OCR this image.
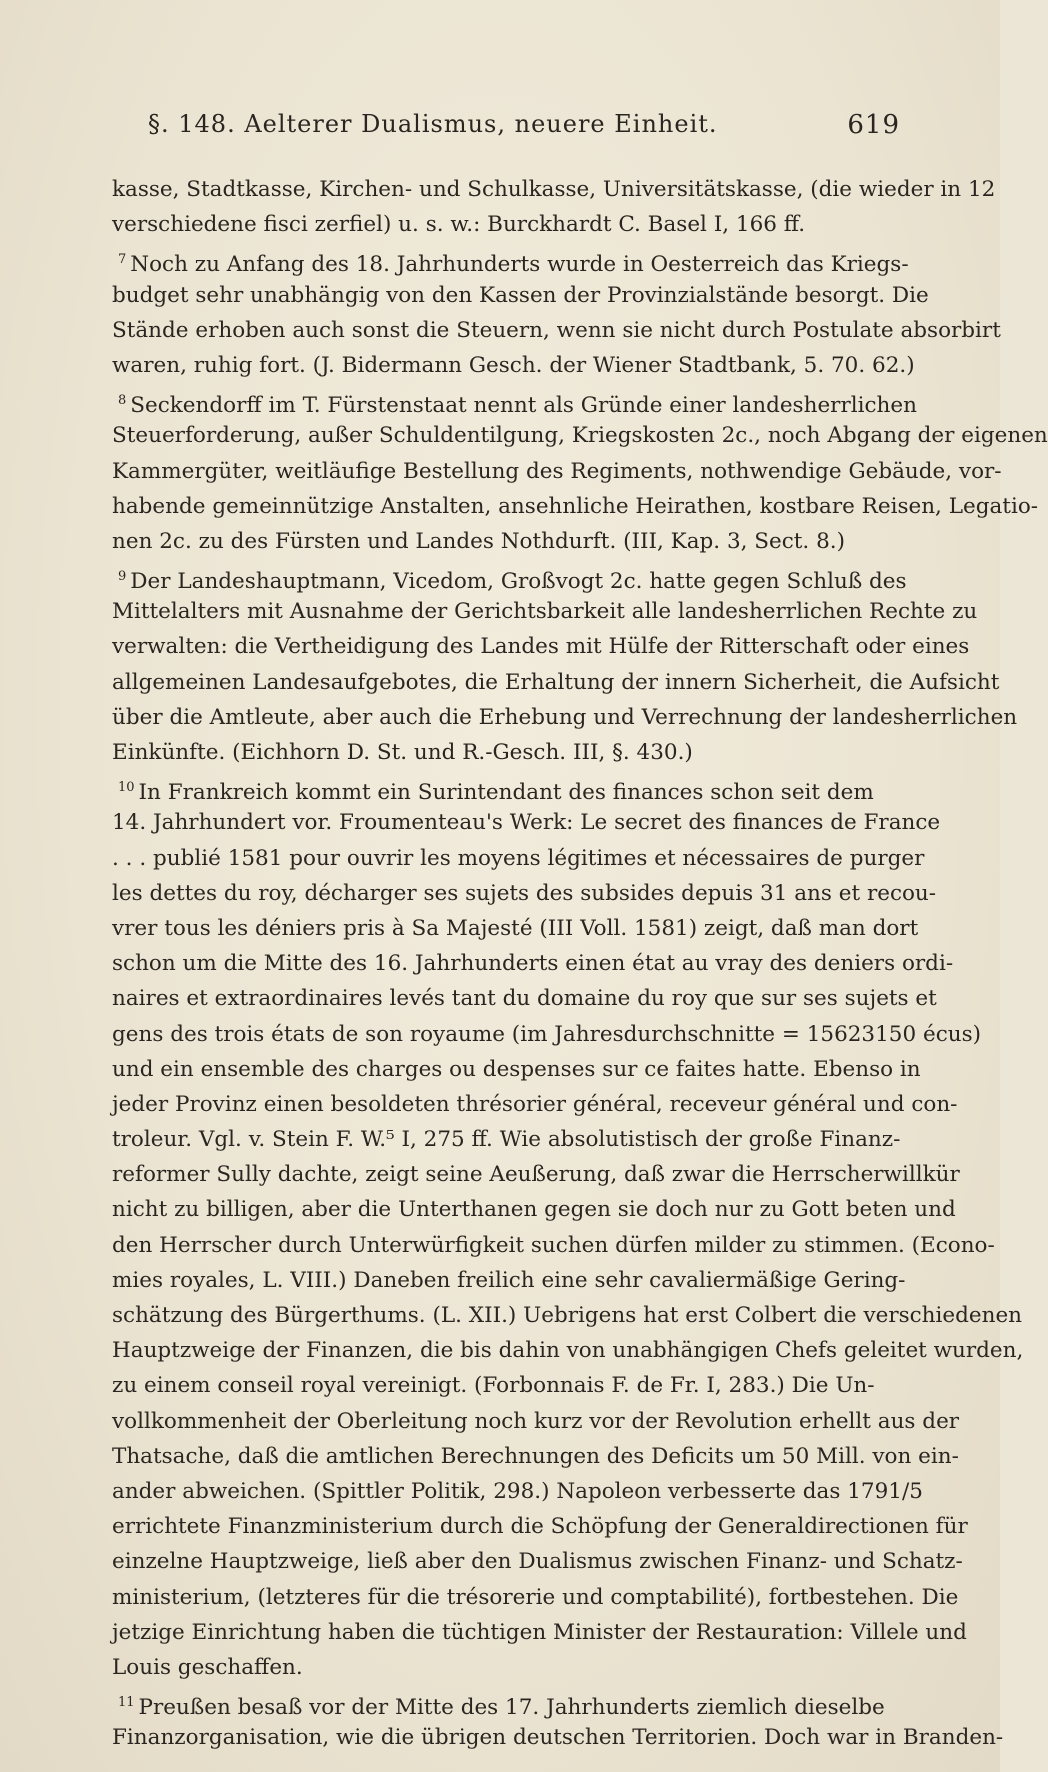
§. 148. Aelterer Dualismus, neuere Einheit.	619
kasse, Stadtkasse, Kirchen- und Schulkasse, Universitätskasse, (die wieder in 12
verschiedene fisci zerfiel) u. s. w.: Burckhardt C. Basel I, 166 ff.
$^7$ Noch zu Anfang des 18. Jahrhunderts wurde in Oesterreich das Kriegs-
budget sehr unabhängig von den Kassen der Provinzialstände besorgt. Die
Stände erhoben auch sonst die Steuern, wenn sie nicht durch Postulate absorbirt
waren, ruhig fort. (J. Bidermann Gesch. der Wiener Stadtbank, 5. 70. 62.)
$^8$ Seckendorff im T. Fürstenstaat nennt als Gründe einer landesherrlichen
Steuerforderung, außer Schuldentilgung, Kriegskosten 2c., noch Abgang der eigenen
Kammergüter, weitläufige Bestellung des Regiments, nothwendige Gebäude, vor-
habende gemeinnützige Anstalten, ansehnliche Heirathen, kostbare Reisen, Legatio-
nen 2c. zu des Fürsten und Landes Nothdurft. (III, Kap. 3, Sect. 8.)
$^9$ Der Landeshauptmann, Vicedom, Großvogt 2c. hatte gegen Schluß des
Mittelalters mit Ausnahme der Gerichtsbarkeit alle landesherrlichen Rechte zu
verwalten: die Vertheidigung des Landes mit Hülfe der Ritterschaft oder eines
allgemeinen Landesaufgebotes, die Erhaltung der innern Sicherheit, die Aufsicht
über die Amtleute, aber auch die Erhebung und Verrechnung der landesherrlichen
Einkünfte. (Eichhorn D. St. und R.-Gesch. III, §. 430.)
$^{10}$ In Frankreich kommt ein Surintendant des finances schon seit dem
14. Jahrhundert vor. Froumenteau's Werk: Le secret des finances de France
. . . publié 1581 pour ouvrir les moyens légitimes et nécessaires de purger
les dettes du roy, décharger ses sujets des subsides depuis 31 ans et recou-
vrer tous les déniers pris à Sa Majesté (III Voll. 1581) zeigt, daß man dort
schon um die Mitte des 16. Jahrhunderts einen état au vray des deniers ordi-
naires et extraordinaires levés tant du domaine du roy que sur ses sujets et
gens des trois états de son royaume (im Jahresdurchschnitte = 15623150 écus)
und ein ensemble des charges ou despenses sur ce faites hatte. Ebenso in
jeder Provinz einen besoldeten thrésorier général, receveur général und con-
troleur. Vgl. v. Stein F. W.⁵ I, 275 ff. Wie absolutistisch der große Finanz-
reformer Sully dachte, zeigt seine Aeußerung, daß zwar die Herrscherwillkür
nicht zu billigen, aber die Unterthanen gegen sie doch nur zu Gott beten und
den Herrscher durch Unterwürfigkeit suchen dürfen milder zu stimmen. (Econo-
mies royales, L. VIII.) Daneben freilich eine sehr cavaliermäßige Gering-
schätzung des Bürgerthums. (L. XII.) Uebrigens hat erst Colbert die verschiedenen
Hauptzweige der Finanzen, die bis dahin von unabhängigen Chefs geleitet wurden,
zu einem conseil royal vereinigt. (Forbonnais F. de Fr. I, 283.) Die Un-
vollkommenheit der Oberleitung noch kurz vor der Revolution erhellt aus der
Thatsache, daß die amtlichen Berechnungen des Deficits um 50 Mill. von ein-
ander abweichen. (Spittler Politik, 298.) Napoleon verbesserte das 1791/5
errichtete Finanzministerium durch die Schöpfung der Generaldirectionen für
einzelne Hauptzweige, ließ aber den Dualismus zwischen Finanz- und Schatz-
ministerium, (letzteres für die trésorerie und comptabilité), fortbestehen. Die
jetzige Einrichtung haben die tüchtigen Minister der Restauration: Villele und
Louis geschaffen.
$^{11}$ Preußen besaß vor der Mitte des 17. Jahrhunderts ziemlich dieselbe
Finanzorganisation, wie die übrigen deutschen Territorien. Doch war in Branden-
